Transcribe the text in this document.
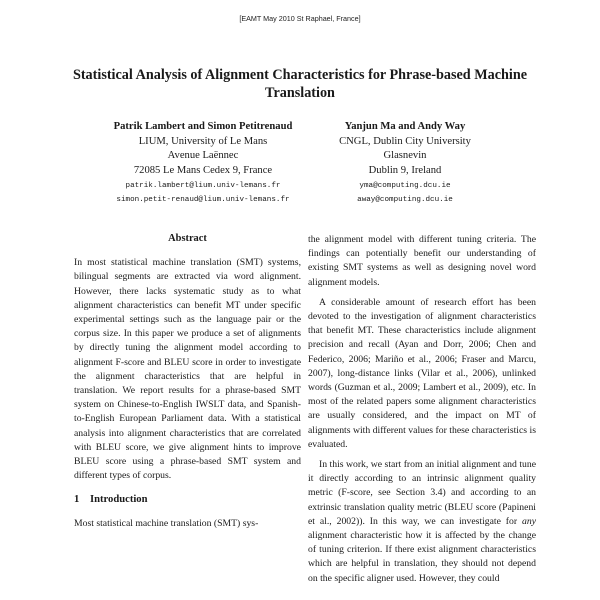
[EAMT May 2010 St Raphael, France]
Statistical Analysis of Alignment Characteristics for Phrase-based Machine Translation
Patrik Lambert and Simon Petitrenaud
LIUM, University of Le Mans
Avenue Laënnec
72085 Le Mans Cedex 9, France
patrik.lambert@lium.univ-lemans.fr
simon.petit-renaud@lium.univ-lemans.fr
Yanjun Ma and Andy Way
CNGL, Dublin City University
Glasnevin
Dublin 9, Ireland
yma@computing.dcu.ie
away@computing.dcu.ie
Abstract

In most statistical machine translation (SMT) systems, bilingual segments are extracted via word alignment. However, there lacks systematic study as to what alignment characteristics can benefit MT under specific experimental settings such as the language pair or the corpus size. In this paper we produce a set of alignments by directly tuning the alignment model according to alignment F-score and BLEU score in order to investigate the alignment characteristics that are helpful in translation. We report results for a phrase-based SMT system on Chinese-to-English IWSLT data, and Spanish-to-English European Parliament data. With a statistical analysis into alignment characteristics that are correlated with BLEU score, we give alignment hints to improve BLEU score using a phrase-based SMT system and different types of corpus.

1 Introduction

Most statistical machine translation (SMT) sys-

the alignment model with different tuning criteria. The findings can potentially benefit our understanding of existing SMT systems as well as designing novel word alignment models.

A considerable amount of research effort has been devoted to the investigation of alignment characteristics that benefit MT. These characteristics include alignment precision and recall (Ayan and Dorr, 2006; Chen and Federico, 2006; Mariño et al., 2006; Fraser and Marcu, 2007), long-distance links (Vilar et al., 2006), unlinked words (Guzman et al., 2009; Lambert et al., 2009), etc. In most of the related papers some alignment characteristics are usually considered, and the impact on MT of alignments with different values for these characteristics is evaluated.

In this work, we start from an initial alignment and tune it directly according to an intrinsic alignment quality metric (F-score, see Section 3.4) and according to an extrinsic translation quality metric (BLEU score (Papineni et al., 2002)). In this way, we can investigate for any alignment characteristic how it is affected by the change of tuning criterion. If there exist alignment characteristics which are helpful in translation, they should not depend on the specific aligner used. However, they could
